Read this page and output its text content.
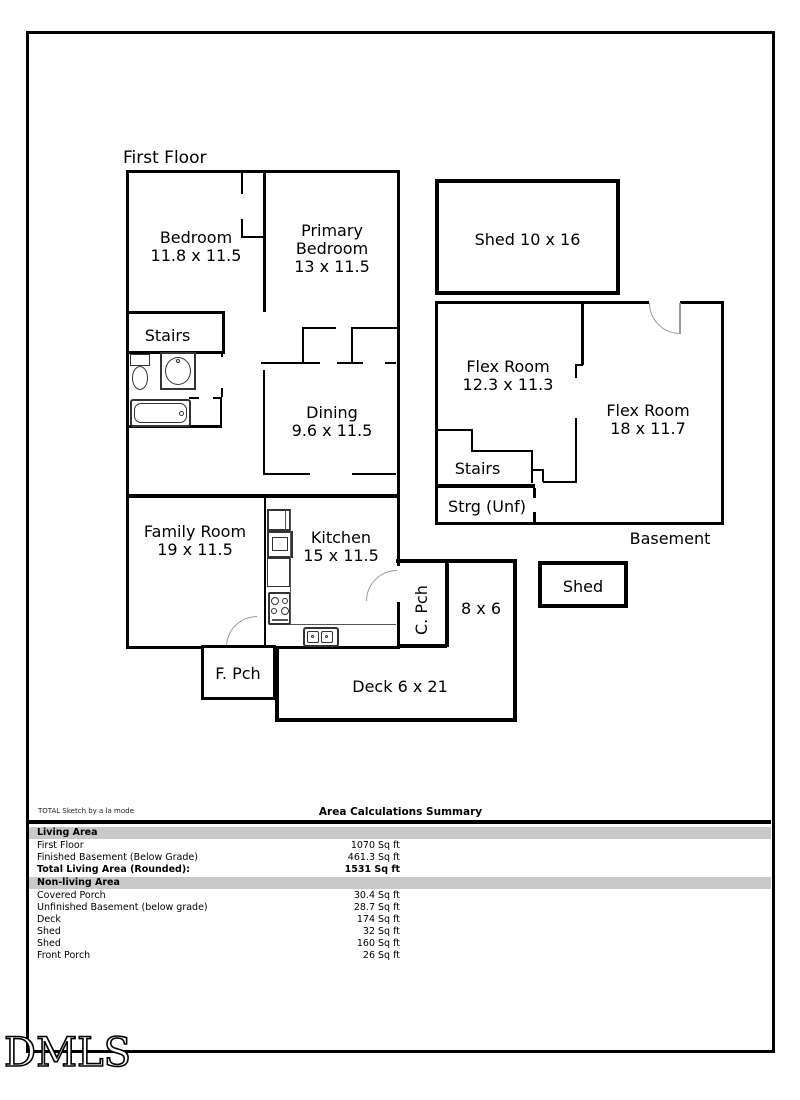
First Floor
Bedroom
11.8 x 11.5
Primary Bedroom
13 x 11.5
Stairs
Dining
9.6 x 11.5
Family Room
19 x 11.5
Kitchen
15 x 11.5
F. Pch
C. Pch	8 x 6
Deck 6 x 21
Shed 10 x 16
Shed
Flex Room
12.3 x 11.3
Flex Room
18 x 11.7
Stairs
Strg (Unf)
Basement
TOTAL Sketch by a la mode	Area Calculations Summary
Living Area
First Floor	1070 Sq ft
Finished Basement (Below Grade)	461.3 Sq ft
Total Living Area (Rounded):	1531 Sq ft
Non-living Area
Covered Porch	30.4 Sq ft
Unfinished Basement (below grade)	28.7 Sq ft
Deck	174 Sq ft
Shed	32 Sq ft
Shed	160 Sq ft
Front Porch	26 Sq ft
DMLS
